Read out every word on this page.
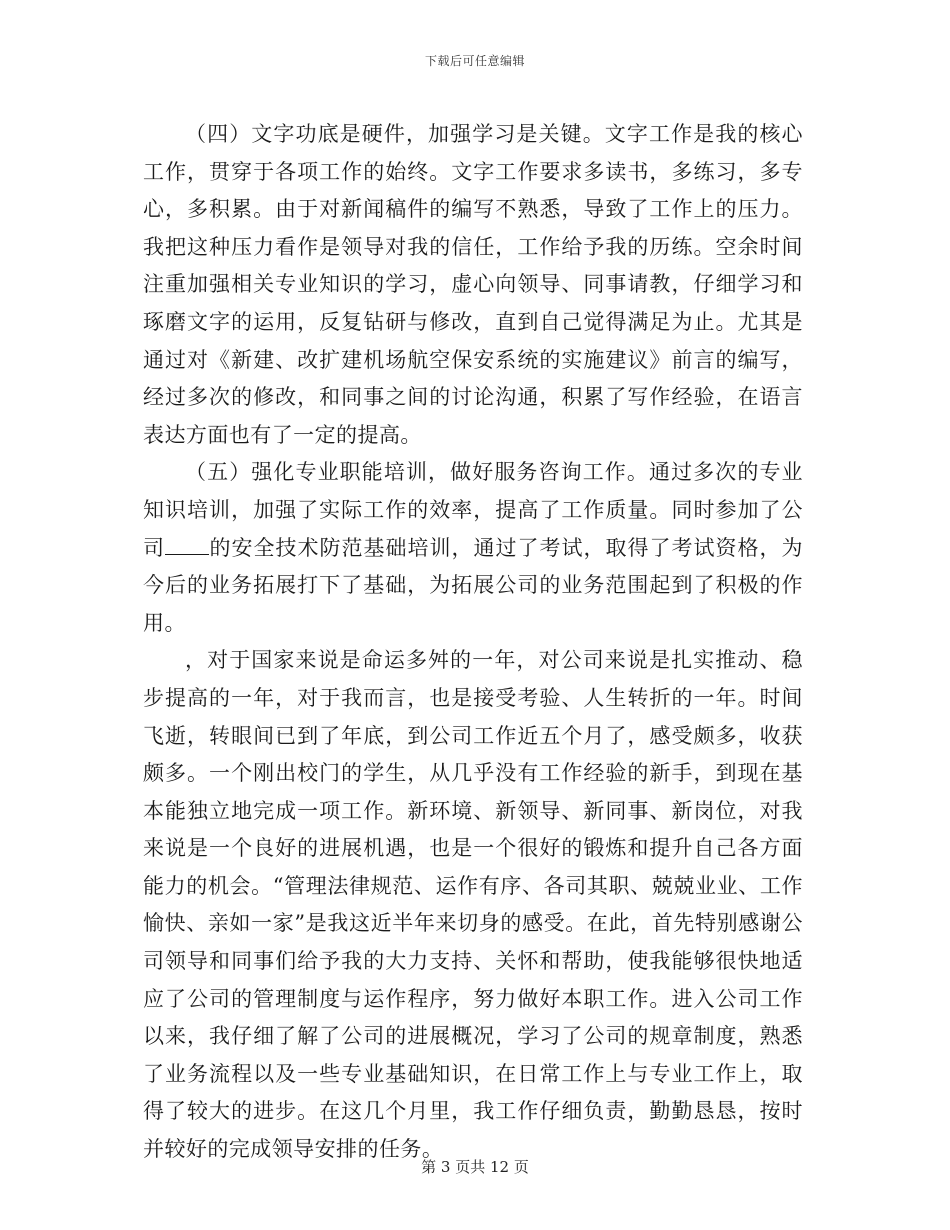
下载后可任意编辑

（四）文字功底是硬件，加强学习是关键。文字工作是我的核心工作，贯穿于各项工作的始终。文字工作要求多读书，多练习，多专心，多积累。由于对新闻稿件的编写不熟悉，导致了工作上的压力。我把这种压力看作是领导对我的信任，工作给予我的历练。空余时间注重加强相关专业知识的学习，虚心向领导、同事请教，仔细学习和琢磨文字的运用，反复钻研与修改，直到自己觉得满足为止。尤其是通过对《新建、改扩建机场航空保安系统的实施建议》前言的编写，经过多次的修改，和同事之间的讨论沟通，积累了写作经验，在语言表达方面也有了一定的提高。

（五）强化专业职能培训，做好服务咨询工作。通过多次的专业知识培训，加强了实际工作的效率，提高了工作质量。同时参加了公司 的安全技术防范基础培训，通过了考试，取得了考试资格，为今后的业务拓展打下了基础，为拓展公司的业务范围起到了积极的作用。

，对于国家来说是命运多舛的一年，对公司来说是扎实推动、稳步提高的一年，对于我而言，也是接受考验、人生转折的一年。时间飞逝，转眼间已到了年底，到公司工作近五个月了，感受颇多，收获颇多。一个刚出校门的学生，从几乎没有工作经验的新手，到现在基本能独立地完成一项工作。新环境、新领导、新同事、新岗位，对我来说是一个良好的进展机遇，也是一个很好的锻炼和提升自己各方面能力的机会。“管理法律规范、运作有序、各司其职、兢兢业业、工作愉快、亲如一家”是我这近半年来切身的感受。在此，首先特别感谢公司领导和同事们给予我的大力支持、关怀和帮助，使我能够很快地适应了公司的管理制度与运作程序，努力做好本职工作。进入公司工作以来，我仔细了解了公司的进展概况，学习了公司的规章制度，熟悉了业务流程以及一些专业基础知识，在日常工作上与专业工作上，取得了较大的进步。在这几个月里，我工作仔细负责，勤勤恳恳，按时并较好的完成领导安排的任务。

第 3 页共 12 页
